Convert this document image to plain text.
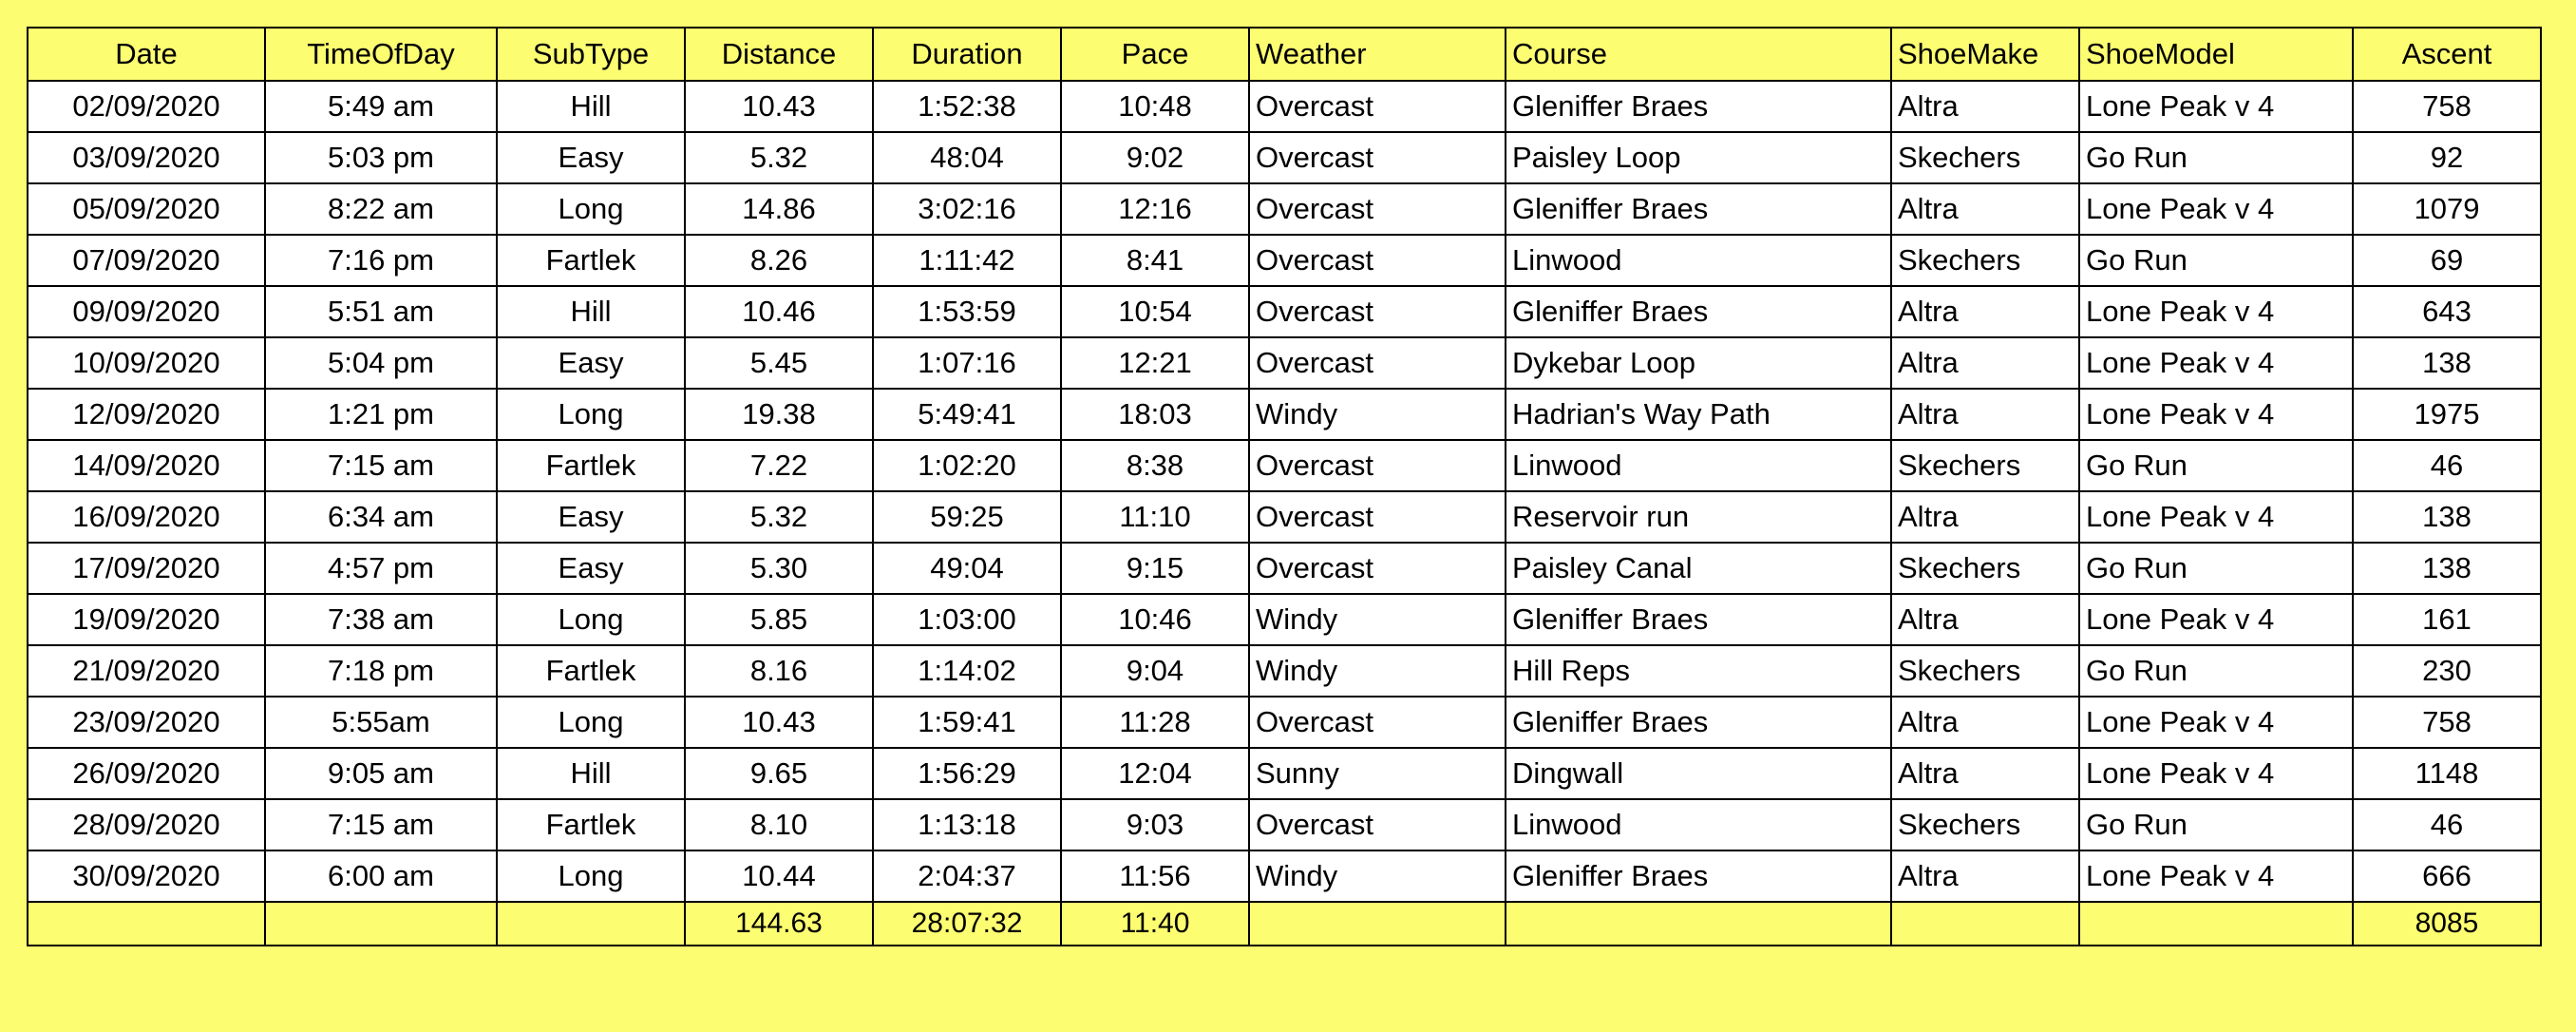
Date	TimeOfDay	SubType	Distance	Duration	Pace	Weather	Course	ShoeMake	ShoeModel	Ascent
02/09/2020	5:49 am	Hill	10.43	1:52:38	10:48	Overcast	Gleniffer Braes	Altra	Lone Peak v 4	758
03/09/2020	5:03 pm	Easy	5.32	48:04	9:02	Overcast	Paisley Loop	Skechers	Go Run	92
05/09/2020	8:22 am	Long	14.86	3:02:16	12:16	Overcast	Gleniffer Braes	Altra	Lone Peak v 4	1079
07/09/2020	7:16 pm	Fartlek	8.26	1:11:42	8:41	Overcast	Linwood	Skechers	Go Run	69
09/09/2020	5:51 am	Hill	10.46	1:53:59	10:54	Overcast	Gleniffer Braes	Altra	Lone Peak v 4	643
10/09/2020	5:04 pm	Easy	5.45	1:07:16	12:21	Overcast	Dykebar Loop	Altra	Lone Peak v 4	138
12/09/2020	1:21 pm	Long	19.38	5:49:41	18:03	Windy	Hadrian's Way Path	Altra	Lone Peak v 4	1975
14/09/2020	7:15 am	Fartlek	7.22	1:02:20	8:38	Overcast	Linwood	Skechers	Go Run	46
16/09/2020	6:34 am	Easy	5.32	59:25	11:10	Overcast	Reservoir run	Altra	Lone Peak v 4	138
17/09/2020	4:57 pm	Easy	5.30	49:04	9:15	Overcast	Paisley Canal	Skechers	Go Run	138
19/09/2020	7:38 am	Long	5.85	1:03:00	10:46	Windy	Gleniffer Braes	Altra	Lone Peak v 4	161
21/09/2020	7:18 pm	Fartlek	8.16	1:14:02	9:04	Windy	Hill Reps	Skechers	Go Run	230
23/09/2020	5:55am	Long	10.43	1:59:41	11:28	Overcast	Gleniffer Braes	Altra	Lone Peak v 4	758
26/09/2020	9:05 am	Hill	9.65	1:56:29	12:04	Sunny	Dingwall	Altra	Lone Peak v 4	1148
28/09/2020	7:15 am	Fartlek	8.10	1:13:18	9:03	Overcast	Linwood	Skechers	Go Run	46
30/09/2020	6:00 am	Long	10.44	2:04:37	11:56	Windy	Gleniffer Braes	Altra	Lone Peak v 4	666
			144.63	28:07:32	11:40					8085
